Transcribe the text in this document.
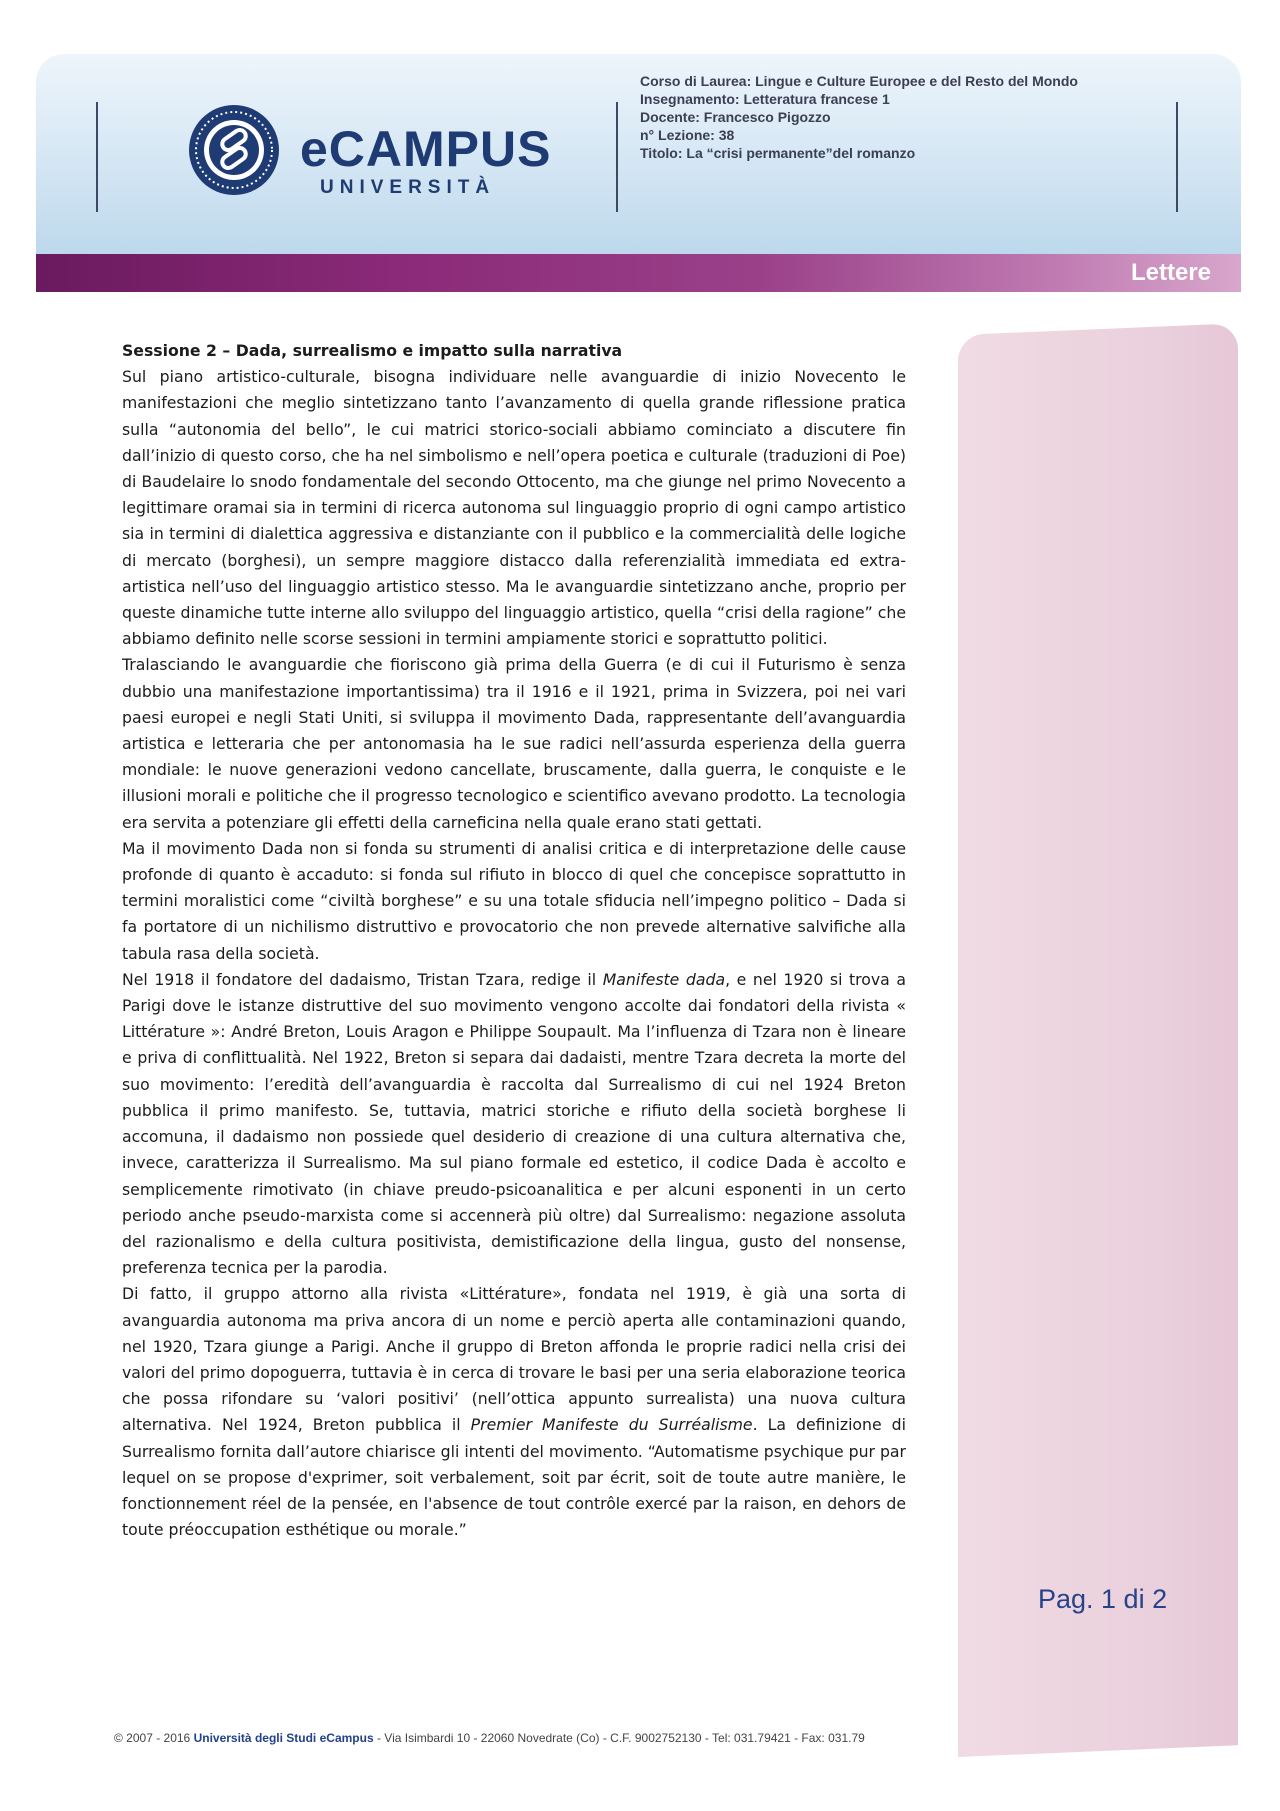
eCAMPUS
UNIVERSITÀ
Corso di Laurea: Lingue e Culture Europee e del Resto del Mondo
Insegnamento: Letteratura francese 1
Docente: Francesco Pigozzo
n° Lezione: 38
Titolo: La “crisi permanente”del romanzo
Lettere
Pag. 1 di 2
Sessione 2 – Dada, surrealismo e impatto sulla narrativa

Sul piano artistico-culturale, bisogna individuare nelle avanguardie di inizio Novecento le manifestazioni che meglio sintetizzano tanto l’avanzamento di quella grande riflessione pratica sulla “autonomia del bello”, le cui matrici storico-sociali abbiamo cominciato a discutere fin dall’inizio di questo corso, che ha nel simbolismo e nell’opera poetica e culturale (traduzioni di Poe) di Baudelaire lo snodo fondamentale del secondo Ottocento, ma che giunge nel primo Novecento a legittimare oramai sia in termini di ricerca autonoma sul linguaggio proprio di ogni campo artistico sia in termini di dialettica aggressiva e distanziante con il pubblico e la commercialità delle logiche di mercato (borghesi), un sempre maggiore distacco dalla referenzialità immediata ed extra-artistica nell’uso del linguaggio artistico stesso. Ma le avanguardie sintetizzano anche, proprio per queste dinamiche tutte interne allo sviluppo del linguaggio artistico, quella “crisi della ragione” che abbiamo definito nelle scorse sessioni in termini ampiamente storici e soprattutto politici.

Tralasciando le avanguardie che fioriscono già prima della Guerra (e di cui il Futurismo è senza dubbio una manifestazione importantissima) tra il 1916 e il 1921, prima in Svizzera, poi nei vari paesi europei e negli Stati Uniti, si sviluppa il movimento Dada, rappresentante dell’avanguardia artistica e letteraria che per antonomasia ha le sue radici nell’assurda esperienza della guerra mondiale: le nuove generazioni vedono cancellate, bruscamente, dalla guerra, le conquiste e le illusioni morali e politiche che il progresso tecnologico e scientifico avevano prodotto. La tecnologia era servita a potenziare gli effetti della carneficina nella quale erano stati gettati.

Ma il movimento Dada non si fonda su strumenti di analisi critica e di interpretazione delle cause profonde di quanto è accaduto: si fonda sul rifiuto in blocco di quel che concepisce soprattutto in termini moralistici come “civiltà borghese” e su una totale sfiducia nell’impegno politico – Dada si fa portatore di un nichilismo distruttivo e provocatorio che non prevede alternative salvifiche alla tabula rasa della società.

Nel 1918 il fondatore del dadaismo, Tristan Tzara, redige il Manifeste dada, e nel 1920 si trova a Parigi dove le istanze distruttive del suo movimento vengono accolte dai fondatori della rivista « Littérature »: André Breton, Louis Aragon e Philippe Soupault. Ma l’influenza di Tzara non è lineare e priva di conflittualità. Nel 1922, Breton si separa dai dadaisti, mentre Tzara decreta la morte del suo movimento: l’eredità dell’avanguardia è raccolta dal Surrealismo di cui nel 1924 Breton pubblica il primo manifesto. Se, tuttavia, matrici storiche e rifiuto della società borghese li accomuna, il dadaismo non possiede quel desiderio di creazione di una cultura alternativa che, invece, caratterizza il Surrealismo. Ma sul piano formale ed estetico, il codice Dada è accolto e semplicemente rimotivato (in chiave preudo-psicoanalitica e per alcuni esponenti in un certo periodo anche pseudo-marxista come si accennerà più oltre) dal Surrealismo: negazione assoluta del razionalismo e della cultura positivista, demistificazione della lingua, gusto del nonsense, preferenza tecnica per la parodia.

Di fatto, il gruppo attorno alla rivista «Littérature», fondata nel 1919, è già una sorta di avanguardia autonoma ma priva ancora di un nome e perciò aperta alle contaminazioni quando, nel 1920, Tzara giunge a Parigi. Anche il gruppo di Breton affonda le proprie radici nella crisi dei valori del primo dopoguerra, tuttavia è in cerca di trovare le basi per una seria elaborazione teorica che possa rifondare su ‘valori positivi’ (nell’ottica appunto surrealista) una nuova cultura alternativa. Nel 1924, Breton pubblica il Premier Manifeste du Surréalisme. La definizione di Surrealismo fornita dall’autore chiarisce gli intenti del movimento. “Automatisme psychique pur par lequel on se propose d'exprimer, soit verbalement, soit par écrit, soit de toute autre manière, le fonctionnement réel de la pensée, en l'absence de tout contrôle exercé par la raison, en dehors de toute préoccupation esthétique ou morale.”

© 2007 - 2016 Università degli Studi eCampus - Via Isimbardi 10 - 22060 Novedrate (Co) - C.F. 9002752130 - Tel: 031.79421 - Fax: 031.79
